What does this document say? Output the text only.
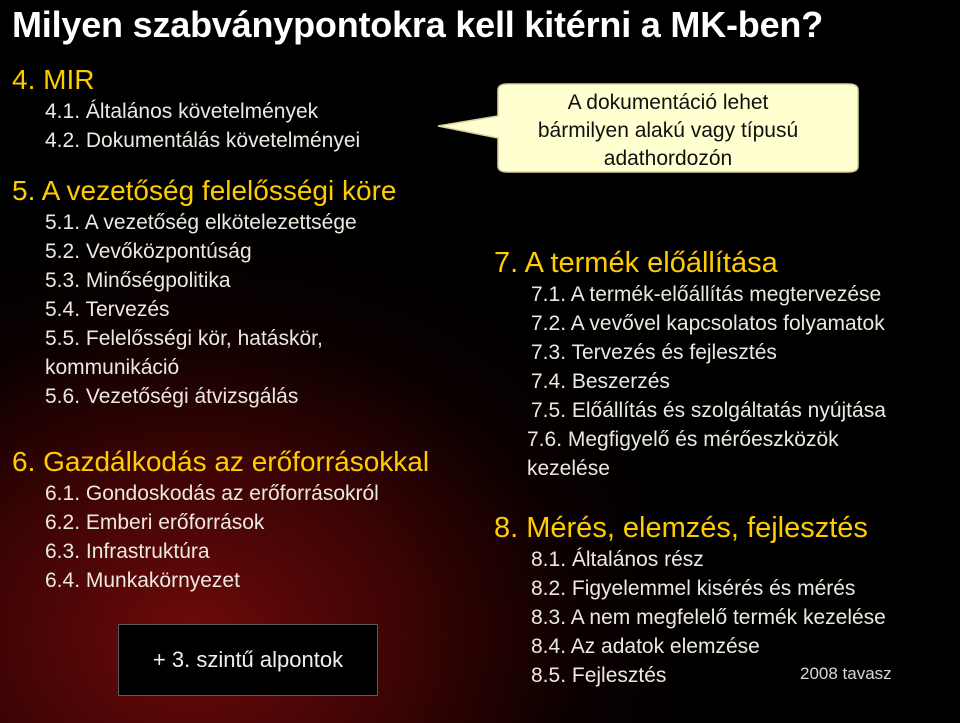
Milyen szabványpontokra kell kitérni a MK-ben?
4. MIR
4.1. Általános követelmények
4.2. Dokumentálás követelményei
5. A vezetőség felelősségi köre
5.1. A vezetőség elkötelezettsége
5.2. Vevőközpontúság
5.3. Minőségpolitika
5.4. Tervezés
5.5. Felelősségi kör, hatáskör, kommunikáció
5.6. Vezetőségi átvizsgálás
6. Gazdálkodás az erőforrásokkal
6.1. Gondoskodás az erőforrásokról
6.2. Emberi erőforrások
6.3. Infrastruktúra
6.4. Munkakörnyezet
A dokumentáció lehet
bármilyen alakú vagy típusú
adathordozón
7. A termék előállítása
7.1. A termék-előállítás megtervezése
7.2. A vevővel kapcsolatos folyamatok
7.3. Tervezés és fejlesztés
7.4. Beszerzés
7.5. Előállítás és szolgáltatás nyújtása
7.6. Megfigyelő és mérőeszközök kezelése
8. Mérés, elemzés, fejlesztés
8.1. Általános rész
8.2. Figyelemmel kisérés és mérés
8.3. A nem megfelelő termék kezelése
8.4. Az adatok elemzése
8.5. Fejlesztés
+ 3. szintű alpontok
2008 tavasz
